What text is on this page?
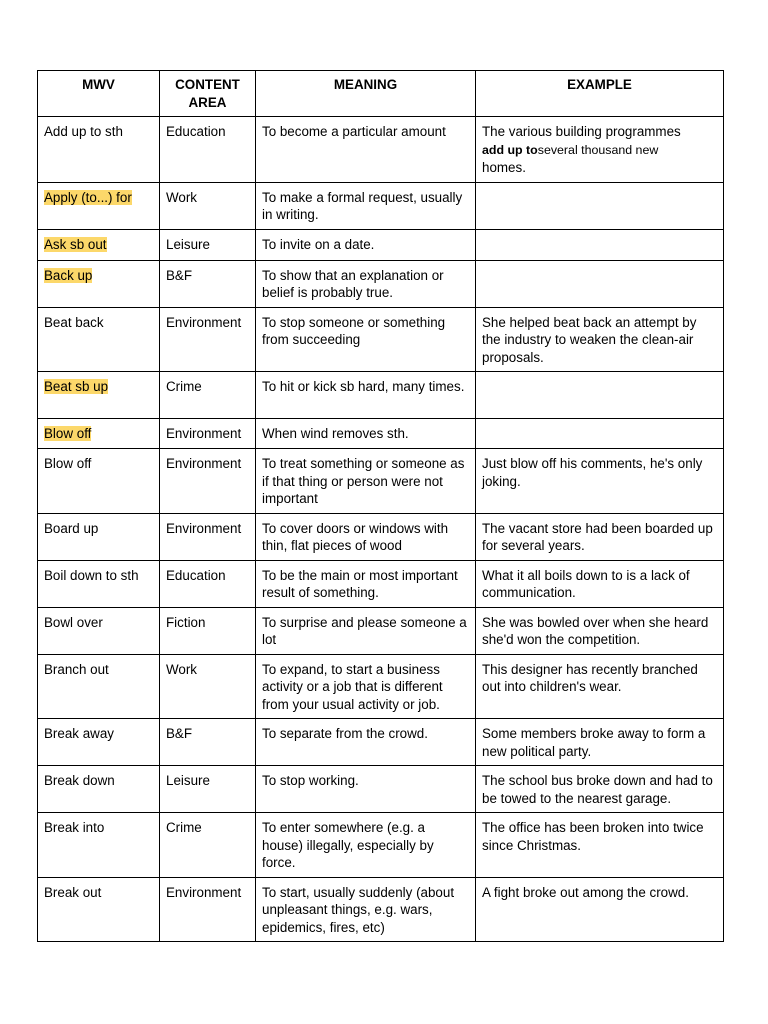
MWV	CONTENT AREA	MEANING	EXAMPLE
Add up to sth	Education	To become a particular amount	The various building programmes
add up toseveral thousand new
homes.
Apply (to...) for	Work	To make a formal request, usually in writing.	
Ask sb out	Leisure	To invite on a date.	
Back up	B&F	To show that an explanation or belief is probably true.	
Beat back	Environment	To stop someone or something from succeeding	She helped beat back an attempt by the industry to weaken the clean-air proposals.
Beat sb up	Crime	To hit or kick sb hard, many times.	
Blow off	Environment	When wind removes sth.	
Blow off	Environment	To treat something or someone as if that thing or person were not important	Just blow off his comments, he's only joking.
Board up	Environment	To cover doors or windows with thin, flat pieces of wood	The vacant store had been boarded up for several years.
Boil down to sth	Education	To be the main or most important result of something.	What it all boils down to is a lack of communication.
Bowl over	Fiction	To surprise and please someone a lot	She was bowled over when she heard she'd won the competition.
Branch out	Work	To expand, to start a business activity or a job that is different from your usual activity or job.	This designer has recently branched out into children's wear.
Break away	B&F	To separate from the crowd.	Some members broke away to form a new political party.
Break down	Leisure	To stop working.	The school bus broke down and had to be towed to the nearest garage.
Break into	Crime	To enter somewhere (e.g. a house) illegally, especially by force.	The office has been broken into twice since Christmas.
Break out	Environment	To start, usually suddenly (about unpleasant things, e.g. wars, epidemics, fires, etc)	A fight broke out among the crowd.
